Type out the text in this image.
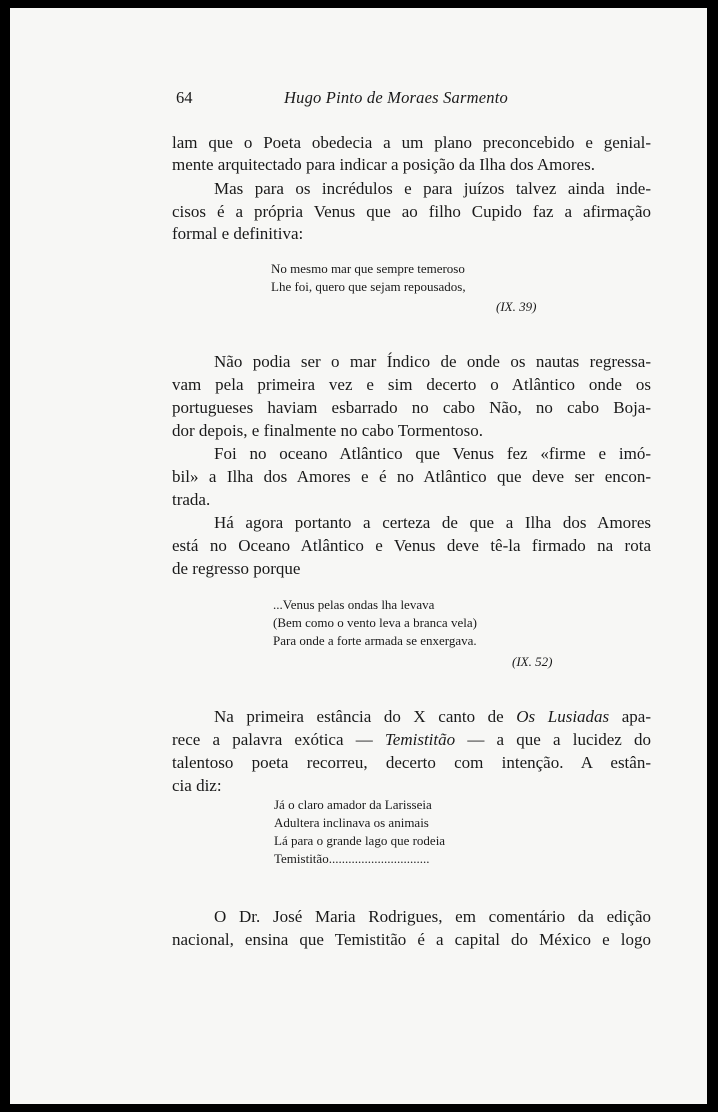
64	Hugo Pinto de Moraes Sarmento
lam que o Poeta obedecia a um plano preconcebido e genial-
mente arquitectado para indicar a posição da Ilha dos Amores.
Mas para os incrédulos e para juízos talvez ainda inde-
cisos é a própria Venus que ao filho Cupido faz a afirmação
formal e definitiva:
No mesmo mar que sempre temeroso
Lhe foi, quero que sejam repousados,
(IX. 39)
Não podia ser o mar Índico de onde os nautas regressa-
vam pela primeira vez e sim decerto o Atlântico onde os
portugueses haviam esbarrado no cabo Não, no cabo Boja-
dor depois, e finalmente no cabo Tormentoso.
Foi no oceano Atlântico que Venus fez «firme e imó-
bil» a Ilha dos Amores e é no Atlântico que deve ser encon-
trada.
Há agora portanto a certeza de que a Ilha dos Amores
está no Oceano Atlântico e Venus deve tê-la firmado na rota
de regresso porque
...Venus pelas ondas lha levava
(Bem como o vento leva a branca vela)
Para onde a forte armada se enxergava.
(IX. 52)
Na primeira estância do X canto de Os Lusiadas apa-
rece a palavra exótica — Temistitão — a que a lucidez do
talentoso poeta recorreu, decerto com intenção. A estân-
cia diz:
Já o claro amador da Larisseia
Adultera inclinava os animais
Lá para o grande lago que rodeia
Temistitão...............................
O Dr. José Maria Rodrigues, em comentário da edição
nacional, ensina que Temistitão é a capital do México e logo
